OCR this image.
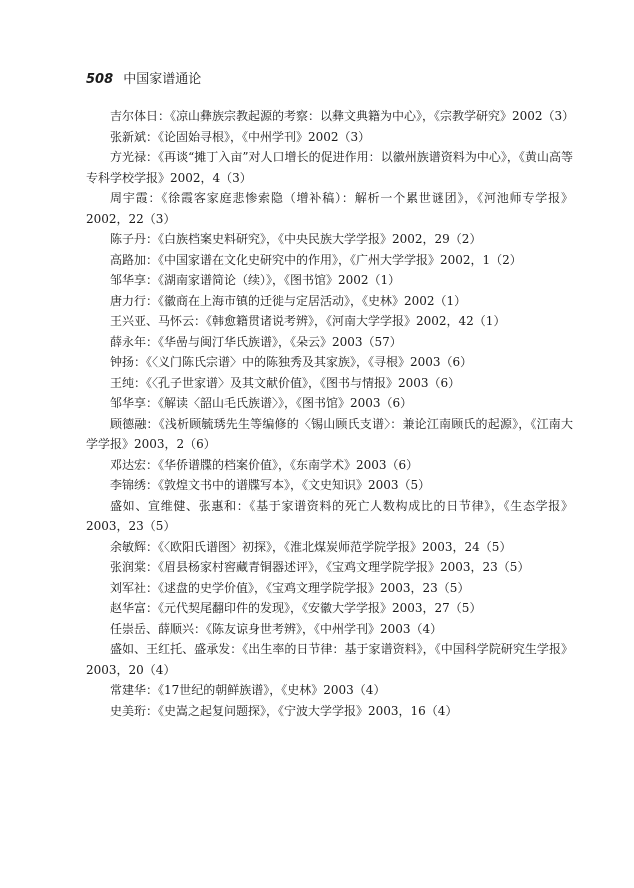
508 中国家谱通论

吉尔体日：《凉山彝族宗教起源的考察：以彝文典籍为中心》，《宗教学研究》2002（3）

张新斌：《论固始寻根》，《中州学刊》2002（3）

方光禄：《再谈“摊丁入亩”对人口增长的促进作用：以徽州族谱资料为中心》，《黄山高等专科学校学报》2002，4（3）

周宇霞：《徐霞客家庭悲惨索隐（增补稿）：解析一个累世谜团》，《河池师专学报》2002，22（3）

陈子丹：《白族档案史料研究》，《中央民族大学学报》2002，29（2）

高路加：《中国家谱在文化史研究中的作用》，《广州大学学报》2002，1（2）

邹华享：《湖南家谱简论（续）》，《图书馆》2002（1）

唐力行：《徽商在上海市镇的迁徙与定居活动》，《史林》2002（1）

王兴亚、马怀云：《韩愈籍贯诸说考辨》，《河南大学学报》2002，42（1）

薛永年：《华喦与闽汀华氏族谱》，《朵云》2003（57）

钟扬：《〈义门陈氏宗谱〉中的陈独秀及其家族》，《寻根》2003（6）

王纯：《〈孔子世家谱〉及其文献价值》，《图书与情报》2003（6）

邹华享：《解读〈韶山毛氏族谱〉》，《图书馆》2003（6）

顾德融：《浅析顾毓琇先生等编修的〈锡山顾氏支谱〉：兼论江南顾氏的起源》，《江南大学学报》2003，2（6）

邓达宏：《华侨谱牒的档案价值》，《东南学术》2003（6）

李锦绣：《敦煌文书中的谱牒写本》，《文史知识》2003（5）

盛如、宣维健、张惠和：《基于家谱资料的死亡人数构成比的日节律》，《生态学报》2003，23（5）

余敏辉：《〈欧阳氏谱图〉初探》，《淮北煤炭师范学院学报》2003，24（5）

张润棠：《眉县杨家村窖藏青铜器述评》，《宝鸡文理学院学报》2003，23（5）

刘军社：《逑盘的史学价值》，《宝鸡文理学院学报》2003，23（5）

赵华富：《元代契尾翻印件的发现》，《安徽大学学报》2003，27（5）

任崇岳、薛顺兴：《陈友谅身世考辨》，《中州学刊》2003（4）

盛如、王红托、盛承发：《出生率的日节律：基于家谱资料》，《中国科学院研究生学报》2003，20（4）

常建华：《17世纪的朝鲜族谱》，《史林》2003（4）

史美珩：《史嵩之起复问题探》，《宁波大学学报》2003，16（4）
